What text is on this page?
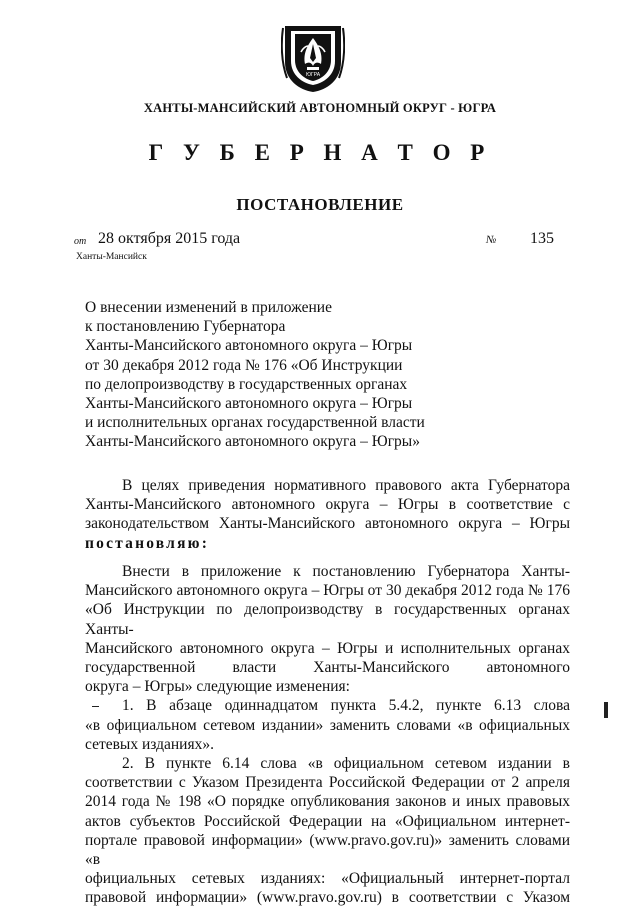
ЮГРА
ХАНТЫ-МАНСИЙСКИЙ АВТОНОМНЫЙ ОКРУГ - ЮГРА
Г У Б Е Р Н А Т О Р
ПОСТАНОВЛЕНИЕ
от 28 октября 2015 года	№ 135
Ханты-Мансийск
О внесении изменений в приложение
к постановлению Губернатора
Ханты-Мансийского автономного округа – Югры
от 30 декабря 2012 года № 176 «Об Инструкции
по делопроизводству в государственных органах
Ханты-Мансийского автономного округа – Югры
и исполнительных органах государственной власти
Ханты-Мансийского автономного округа – Югры»
В целях приведения нормативного правового акта Губернатора Ханты-Мансийского автономного округа – Югры в соответствие с законодательством Ханты-Мансийского автономного округа – Югры постановляю:
Внести в приложение к постановлению Губернатора Ханты-
Мансийского автономного округа – Югры от 30 декабря 2012 года № 176
«Об Инструкции по делопроизводству в государственных органах Ханты-
Мансийского автономного округа – Югры и исполнительных органах
государственной власти Ханты-Мансийского автономного
округа – Югры» следующие изменения:
1. В абзаце одиннадцатом пункта 5.4.2, пункте 6.13 слова
«в официальном сетевом издании» заменить словами «в официальных
сетевых изданиях».
2. В пункте 6.14 слова «в официальном сетевом издании в
соответствии с Указом Президента Российской Федерации от 2 апреля
2014 года № 198 «О порядке опубликования законов и иных правовых
актов субъектов Российской Федерации на «Официальном интернет-
портале правовой информации» (www.pravo.gov.ru)» заменить словами «в
официальных сетевых изданиях: «Официальный интернет-портал
правовой информации» (www.pravo.gov.ru) в соответствии с Указом
